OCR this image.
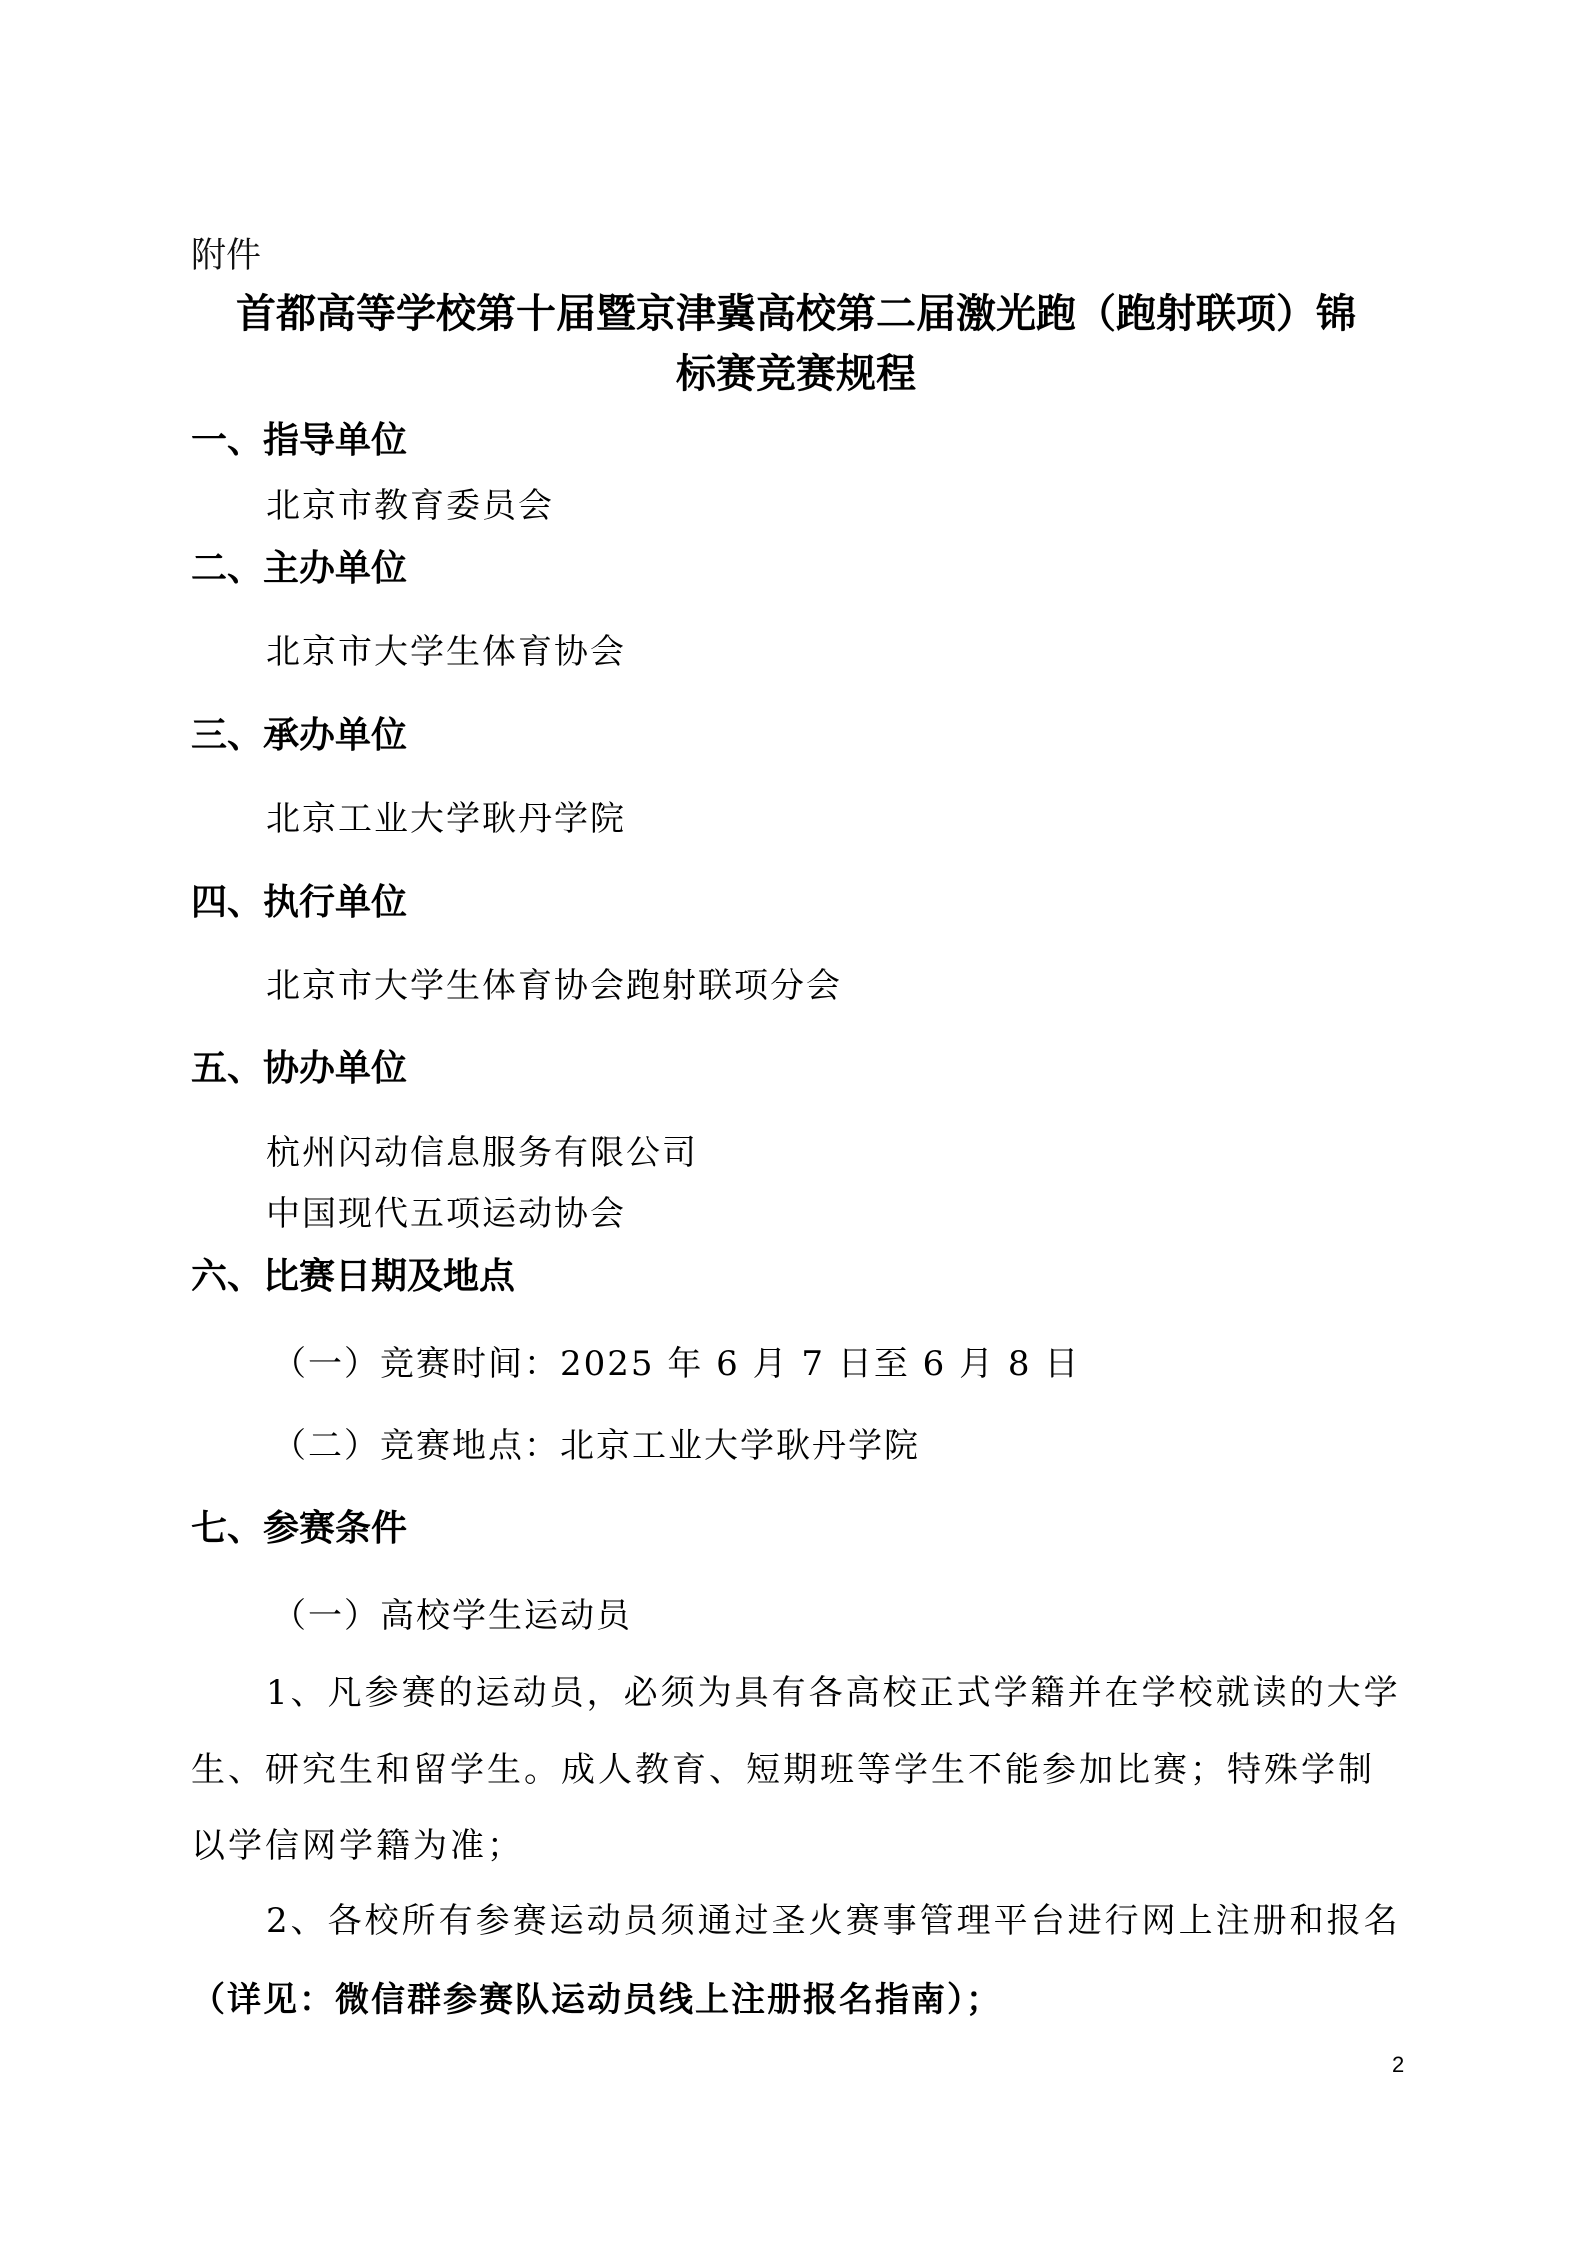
附件
首都高等学校第十届暨京津冀高校第二届激光跑（跑射联项）锦
标赛竞赛规程
一、指导单位
北京市教育委员会
二、主办单位
北京市大学生体育协会
三、承办单位
北京工业大学耿丹学院
四、执行单位
北京市大学生体育协会跑射联项分会
五、协办单位
杭州闪动信息服务有限公司
中国现代五项运动协会
六、比赛日期及地点
（一）竞赛时间：2025 年 6 月 7 日至 6 月 8 日
（二）竞赛地点：北京工业大学耿丹学院
七、参赛条件
（一）高校学生运动员
1、凡参赛的运动员，必须为具有各高校正式学籍并在学校就读的大学
生、研究生和留学生。成人教育、短期班等学生不能参加比赛；特殊学制
以学信网学籍为准；
2、各校所有参赛运动员须通过圣火赛事管理平台进行网上注册和报名
（详见：微信群参赛队运动员线上注册报名指南）；
2
